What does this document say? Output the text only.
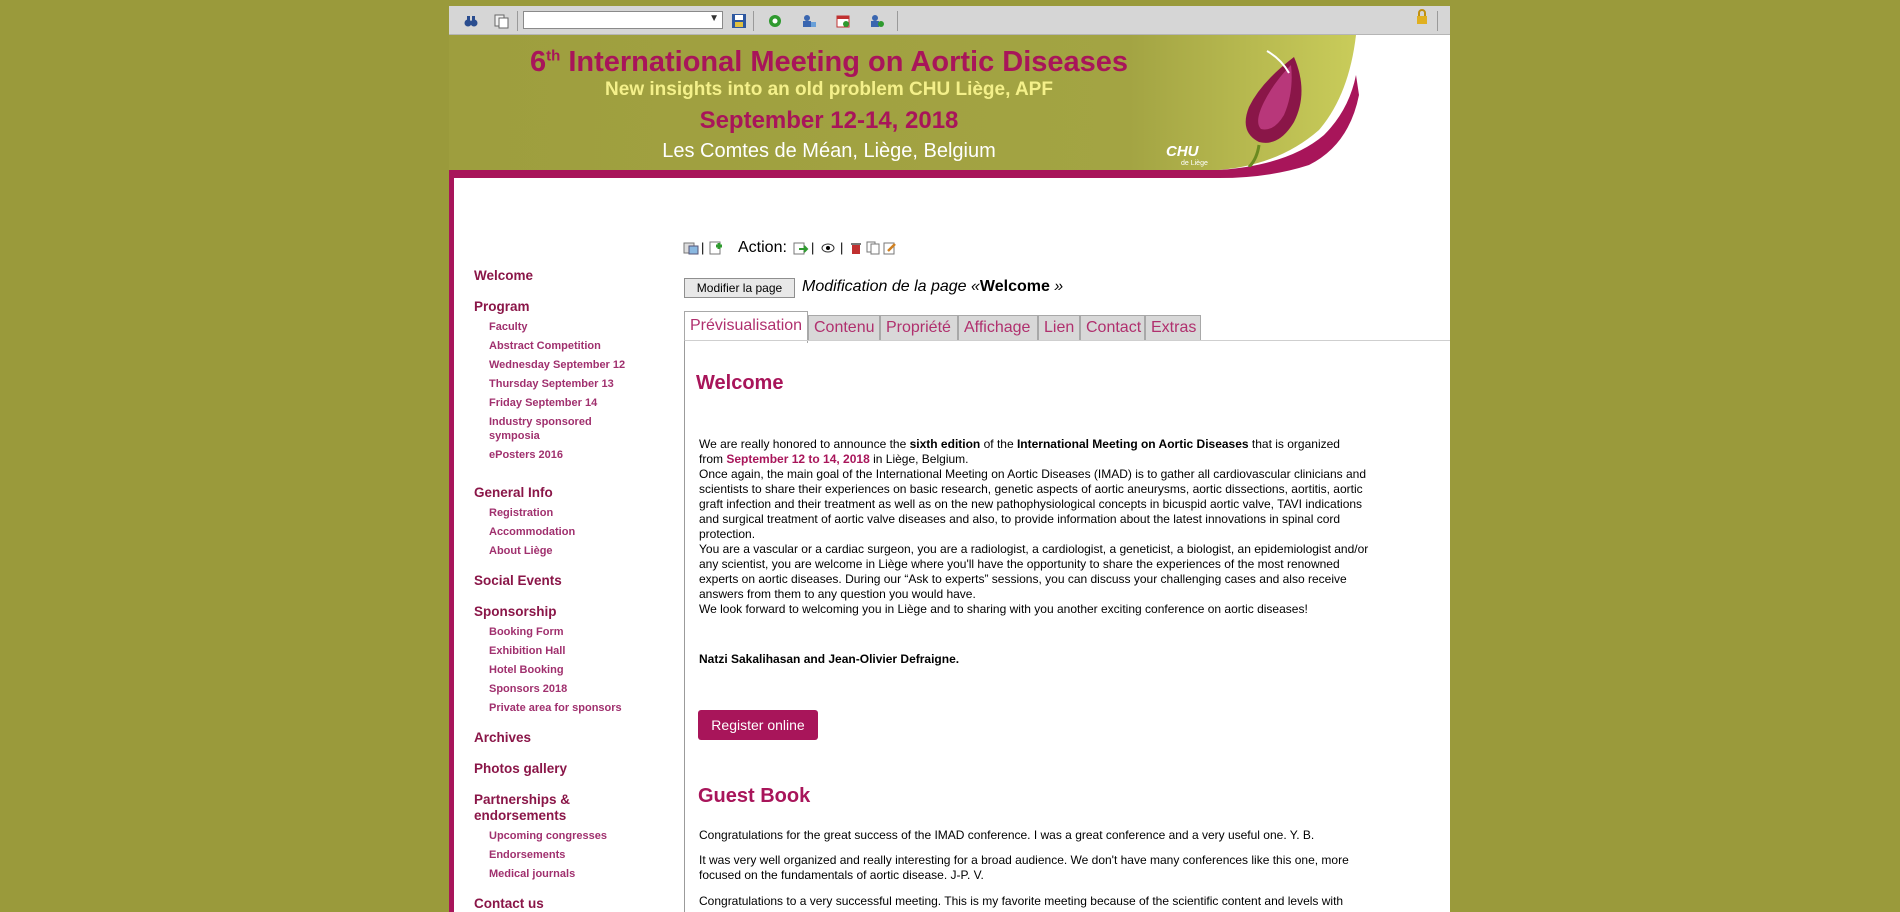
▼
6th International Meeting on Aortic Diseases
New insights into an old problem CHU Liège, APF
September 12-14, 2018
Les Comtes de Méan, Liège, Belgium	CHU
de Liège
Welcome
Program
Faculty
Abstract Competition
Wednesday September 12
Thursday September 13
Friday September 14
Industry sponsored symposia
ePosters 2016
General Info
Registration
Accommodation
About Liège
Social Events
Sponsorship
Booking Form
Exhibition Hall
Hotel Booking
Sponsors 2018
Private area for sponsors
Archives
Photos gallery
Partnerships & endorsements
Upcoming congresses
Endorsements
Medical journals
Contact us
| Action: | |
Modifier la page	Modification de la page «Welcome »
Prévisualisation Contenu Propriété Affichage Lien Contact Extras
Welcome
We are really honored to announce the sixth edition of the International Meeting on Aortic Diseases that is organized
from September 12 to 14, 2018 in Liège, Belgium.
Once again, the main goal of the International Meeting on Aortic Diseases (IMAD) is to gather all cardiovascular clinicians and scientists to share their experiences on basic research, genetic aspects of aortic aneurysms, aortic dissections, aortitis, aortic graft infection and their treatment as well as on the new pathophysiological concepts in bicuspid aortic valve, TAVI indications and surgical treatment of aortic valve diseases and also, to provide information about the latest innovations in spinal cord protection.
You are a vascular or a cardiac surgeon, you are a radiologist, a cardiologist, a geneticist, a biologist, an epidemiologist and/or any scientist, you are welcome in Liège where you'll have the opportunity to share the experiences of the most renowned experts on aortic diseases. During our “Ask to experts” sessions, you can discuss your challenging cases and also receive answers from them to any question you would have.
We look forward to welcoming you in Liège and to sharing with you another exciting conference on aortic diseases!
Natzi Sakalihasan and Jean-Olivier Defraigne.
Register online
Guest Book
Congratulations for the great success of the IMAD conference. I was a great conference and a very useful one. Y. B.
It was very well organized and really interesting for a broad audience. We don't have many conferences like this one, more focused on the fundamentals of aortic disease. J-P. V.
Congratulations to a very successful meeting. This is my favorite meeting because of the scientific content and levels with
